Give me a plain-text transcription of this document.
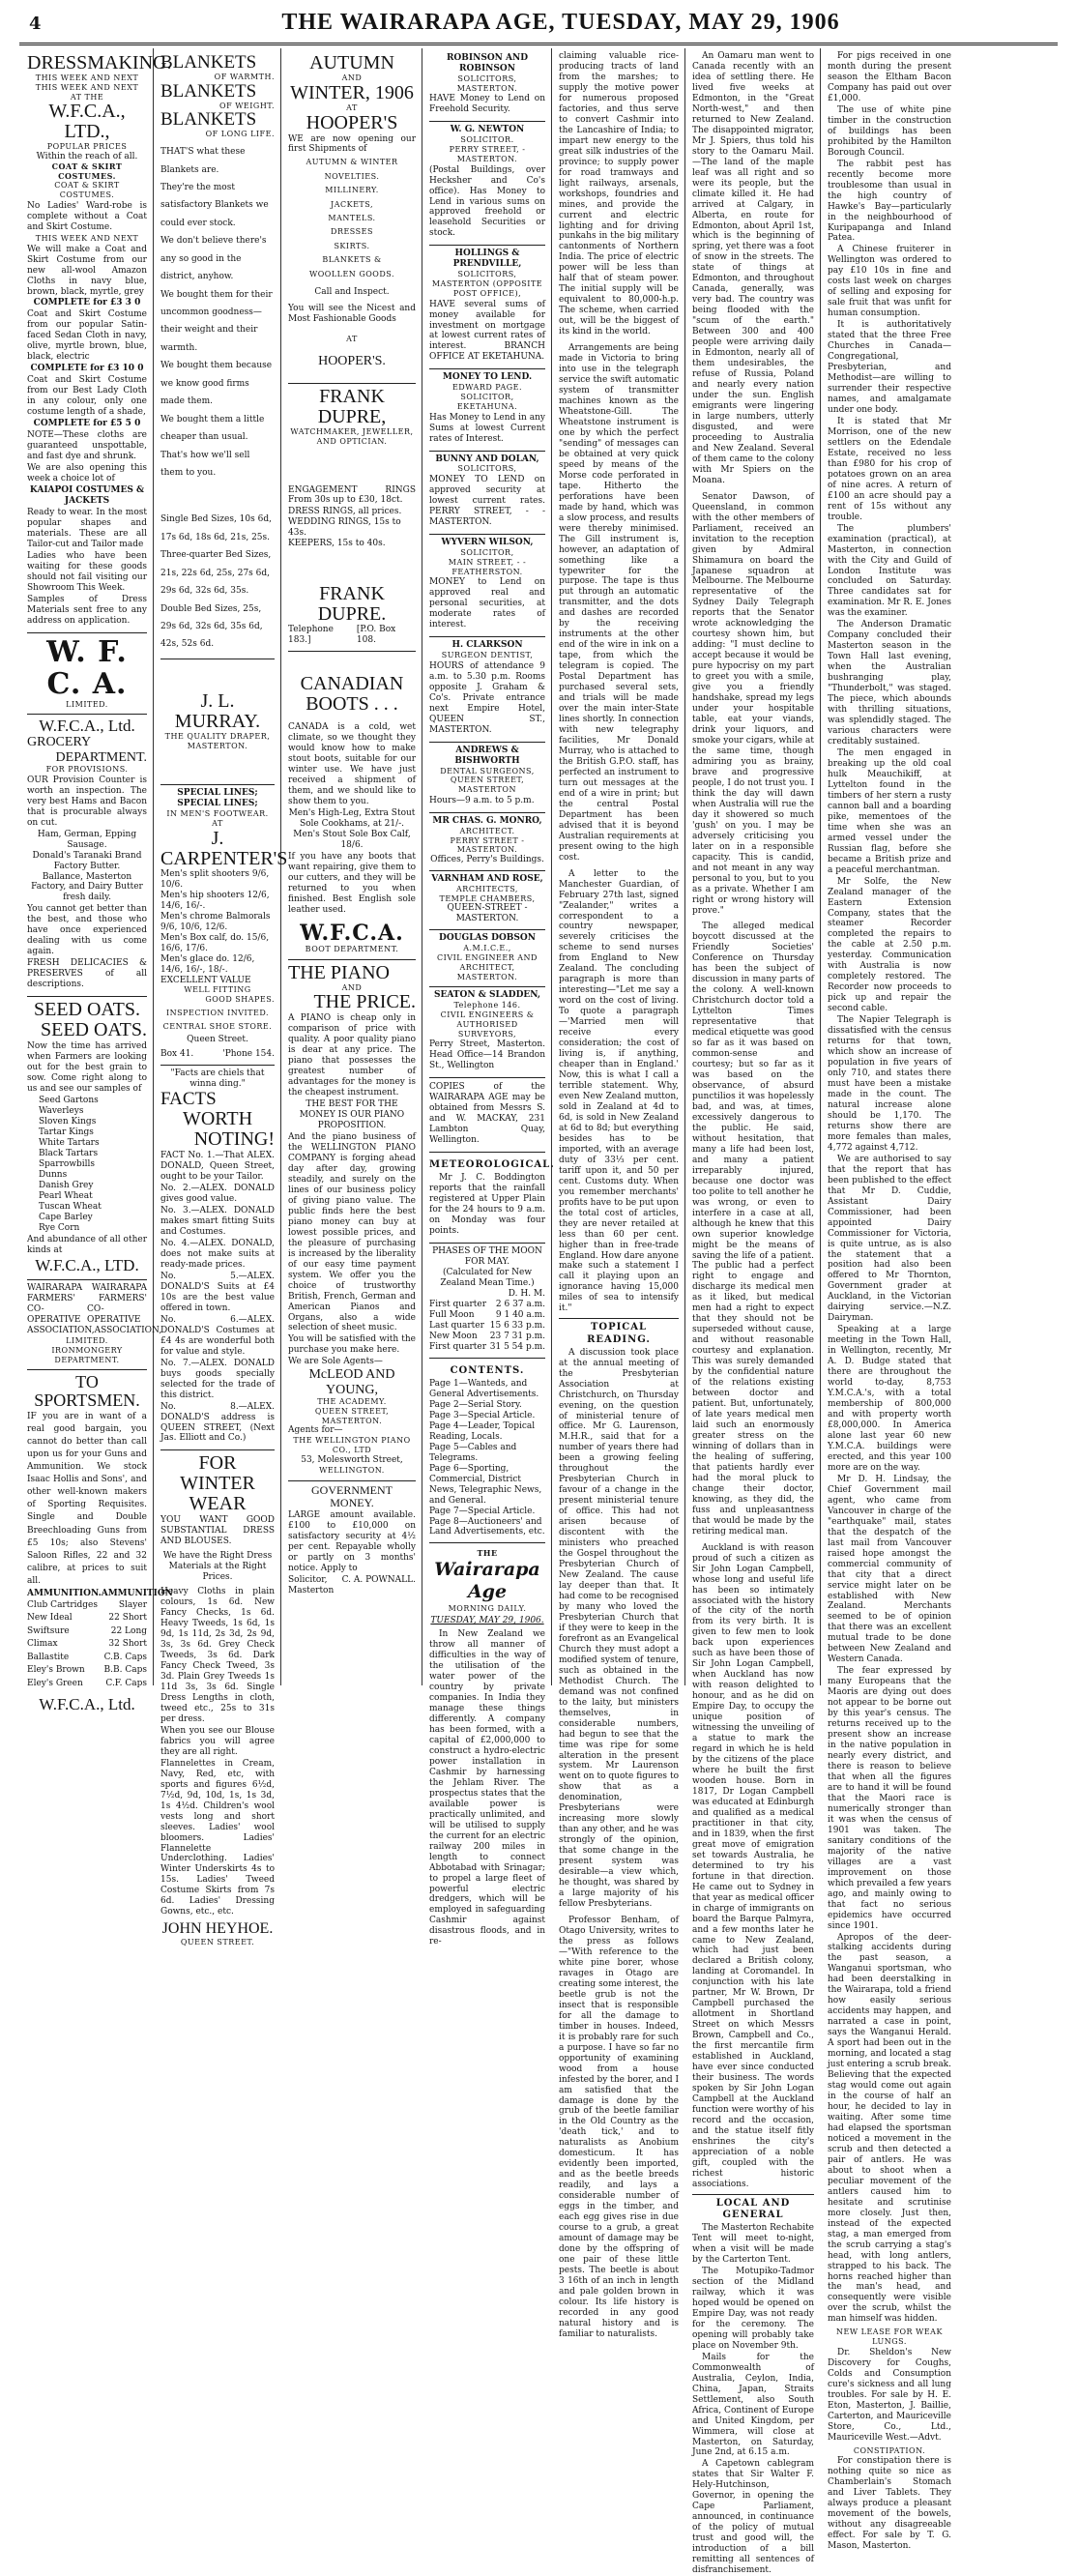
4	THE WAIRARAPA AGE, TUESDAY, MAY 29, 1906
DRESSMAKING.
THIS WEEK AND NEXT
THIS WEEK AND NEXT
AT THE
W.F.C.A., LTD.,
POPULAR PRICES
Within the reach of all.
COAT & SKIRT COSTUMES.
COAT & SKIRT COSTUMES.
No Ladies' Ward-robe is complete without a Coat and Skirt Costume.
THIS WEEK AND NEXT
We will make a Coat and Skirt Costume from our new all-wool Amazon Cloths in navy blue, brown, black, myrtle, grey
COMPLETE for £3 3 0
Coat and Skirt Costume from our popular Satin-faced Sedan Cloth in navy, olive, myrtle brown, blue, black, electric
COMPLETE for £3 10 0
Coat and Skirt Costume from our Best Lady Cloth in any colour, only one costume length of a shade,
COMPLETE for £5 5 0
NOTE—These cloths are guaranteed unspottable, and fast dye and shrunk.
We are also opening this week a choice lot of
KAIAPOI COSTUMES & JACKETS
Ready to wear. In the most popular shapes and materials. These are all Tailor-cut and Tailor made
Ladies who have been waiting for these goods should not fail visiting our Showroom This Week.
Samples of Dress Materials sent free to any address on application.
W. F. C. A.
LIMITED.
W.F.C.A., Ltd.
GROCERY
DEPARTMENT.
FOR PROVISIONS.
OUR Provision Counter is worth an inspection. The very best Hams and Bacon that is procurable always on cut.
Ham, German, Epping Sausage.
Donald's Taranaki Brand Factory Butter.
Ballance, Masterton Factory, and Dairy Butter fresh daily.
You cannot get better than the best, and those who have once experienced dealing with us come again.
FRESH DELICACIES & PRESERVES of all descriptions.
SEED OATS.
SEED OATS.
Now the time has arrived when Farmers are looking out for the best grain to sow. Come right along to us and see our samples of
Seed Gartons
Waverleys
Sloven Kings
Tartar Kings
White Tartars
Black Tartars
Sparrowbills
Dunns
Danish Grey
Pearl Wheat
Tuscan Wheat
Cape Barley
Rye Corn
And abundance of all other kinds at
W.F.C.A., LTD.
WAIRARAPA WAIRARAPA
FARMERS'	FARMERS'
CO-OPERATIVE
CO-OPERATIVE
ASSOCIATION, ASSOCIATION,
LIMITED.
IRONMONGERY DEPARTMENT.
TO SPORTSMEN.
IF you are in want of a real good bargain, you cannot do better than call upon us for your Guns and Ammunition. We stock Isaac Hollis and Sons', and other well-known makers of Sporting Requisites. Single and Double Breechloading Guns from £5 10s; also Stevens' Saloon Rifles, 22 and 32 calibre, at prices to suit all.
AMMUNITION. AMMUNITION
Club Cartridges Slayer
New Ideal	22 Short
Swiftsure	22 Long
Climax	32 Short
Ballastite	C.B. Caps
Eley's Brown B.B. Caps
Eley's Green	C.F. Caps
W.F.C.A., Ltd.
BLANKETS
OF WARMTH.
BLANKETS
OF WEIGHT.
BLANKETS
OF LONG LIFE.
THAT'S what these Blankets are.
They're the most satisfactory Blankets we could ever stock.
We don't believe there's any so good in the district, anyhow.
We bought them for their uncommon goodness—their weight and their warmth.
We bought them because we know good firms made them.
We bought them a little cheaper than usual.
That's how we'll sell them to you.
Single Bed Sizes, 10s 6d, 17s 6d, 18s 6d, 21s, 25s.
Three-quarter Bed Sizes, 21s, 22s 6d, 25s, 27s 6d, 29s 6d, 32s 6d, 35s.
Double Bed Sizes, 25s, 29s 6d, 32s 6d, 35s 6d, 42s, 52s 6d.
J. L. MURRAY.
THE QUALITY DRAPER,
MASTERTON.
SPECIAL LINES;
SPECIAL LINES;
IN MEN'S FOOTWEAR.
AT
J. CARPENTER'S
Men's split shooters 9/6, 10/6.
Men's hip shooters 12/6, 14/6, 16/-.
Men's chrome Balmorals 9/6, 10/6, 12/6.
Men's Box calf, do. 15/6, 16/6, 17/6.
Men's glace do. 12/6, 14/6, 16/-, 18/-.
EXCELLENT VALUE
WELL FITTING
GOOD SHAPES.
INSPECTION INVITED.
CENTRAL SHOE STORE.
Queen Street.
Box 41.	'Phone 154.
"Facts are chiels that winna ding."
FACTS
WORTH
NOTING!
FACT No. 1.—That ALEX. DONALD, Queen Street, ought to be your Tailor.
No. 2.—ALEX. DONALD gives good value.
No. 3.—ALEX. DONALD makes smart fitting Suits and Costumes.
No. 4.—ALEX. DONALD, does not make suits at ready-made prices.
No. 5.—ALEX. DONALD'S Suits at £4 10s are the best value offered in town.
No. 6.—ALEX. DONALD'S Costumes at £4 4s are wonderful both for value and style.
No. 7.—ALEX. DONALD buys goods specially selected for the trade of this district.
No. 8.—ALEX. DONALD'S address is QUEEN STREET, (Next Jas. Elliott and Co.)
FOR
WINTER
WEAR
YOU WANT GOOD SUBSTANTIAL DRESS AND BLOUSES.
We have the Right Dress Materials at the Right Prices.
Heavy Cloths in plain colours, 1s 6d. New Fancy Checks, 1s 6d. Heavy Tweeds, 1s 6d, 1s 9d, 1s 11d, 2s 3d, 2s 9d, 3s, 3s 6d. Grey Check Tweeds, 3s 6d. Dark Fancy Check Tweed, 3s 3d. Plain Grey Tweeds 1s 11d 3s, 3s 6d. Single Dress Lengths in cloth, tweed etc., 25s to 31s per dress.
When you see our Blouse fabrics you will agree they are all right.
Flannelettes in Cream, Navy, Red, etc, with sports and figures 6½d, 7½d, 9d, 10d, 1s, 1s 3d, 1s 4½d. Children's wool vests long and short sleeves. Ladies' wool bloomers. Ladies' Flannelette Underclothing. Ladies' Winter Underskirts 4s to 15s. Ladies' Tweed Costume Skirts from 7s 6d. Ladies' Dressing Gowns, etc., etc.
JOHN HEYHOE.
QUEEN STREET.
AUTUMN
AND
WINTER, 1906
AT
HOOPER'S
WE are now opening our first Shipments of
AUTUMN & WINTER
NOVELTIES.
MILLINERY.
JACKETS,
MANTELS.
DRESSES
SKIRTS.
BLANKETS &
WOOLLEN GOODS.
Call and Inspect.
You will see the Nicest and Most Fashionable Goods
AT
HOOPER'S.
FRANK DUPRE,
WATCHMAKER, JEWELLER, AND OPTICIAN.
ENGAGEMENT RINGS From 30s up to £30, 18ct.
DRESS RINGS, all prices.
WEDDING RINGS, 15s to 43s.
KEEPERS, 15s to 40s.
FRANK DUPRE.
Telephone 183.]
[P.O. Box 108.
CANADIAN
BOOTS . . .
CANADA is a cold, wet climate, so we thought they would know how to make stout boots, suitable for our winter use. We have just received a shipment of them, and we should like to show them to you.
Men's High-Leg, Extra Stout Sole Cookhams, at 21/-.
Men's Stout Sole Box Calf, 18/6.
If you have any boots that want repairing, give them to our cutters, and they will be returned to you when finished. Best English sole leather used.
W.F.C.A.
BOOT DEPARTMENT.
THE PIANO
AND
THE PRICE.
A PIANO is cheap only in comparison of price with quality. A poor quality piano is dear at any price. The piano that possesses the greatest number of advantages for the money is the cheapest instrument.
THE BEST FOR THE MONEY IS OUR PIANO PROPOSITION.
And the piano business of the WELLINGTON PIANO COMPANY is forging ahead day after day, growing steadily, and surely on the lines of our business policy of giving piano value. The public finds here the best piano money can buy at lowest possible prices, and the pleasure of purchasing is increased by the liberality of our easy time payment system. We offer you the choice of trustworthy British, French, German and American Pianos and Organs, also a wide selection of sheet music.
You will be satisfied with the purchase you make here.
We are Sole Agents—
McLEOD AND YOUNG,
THE ACADEMY.
QUEEN STREET, MASTERTON.
Agents for—
THE WELLINGTON PIANO CO., LTD
53, Molesworth Street,
WELLINGTON.
GOVERNMENT MONEY.
LARGE amount available. £100 to £10,000 on satisfactory security at 4½ per cent. Repayable wholly or partly on 3 months' notice. Apply to
Solicitor, C. A. POWNALL.
Masterton
ROBINSON AND ROBINSON
SOLICITORS,
MASTERTON.
HAVE Money to Lend on Freehold Security.
W. G. NEWTON
SOLICITOR.
PERRY STREET, - MASTERTON.
(Postal Buildings, over Hecksher and Co's office). Has Money to Lend in various sums on approved freehold or leasehold Securities or stock.
HOLLINGS & PRENDVILLE,
SOLICITORS,
MASTERTON (OPPOSITE POST OFFICE),
HAVE several sums of money available for investment on mortgage at lowest current rates of interest. BRANCH OFFICE AT EKETAHUNA.
MONEY TO LEND.
EDWARD PAGE.
SOLICITOR, EKETAHUNA.
Has Money to Lend in any Sums at lowest Current rates of Interest.
BUNNY AND DOLAN,
SOLICITORS,
MONEY TO LEND on approved security at lowest current rates. PERRY STREET, - - MASTERTON.
WYVERN WILSON,
SOLICITOR,
MAIN STREET, - - FEATHERSTON.
MONEY to Lend on approved real and personal securities, at moderate rates of interest.
H. CLARKSON
SURGEON DENTIST,
HOURS of attendance 9 a.m. to 5.30 p.m. Rooms opposite J. Graham & Co's. Private entrance next Empire Hotel, QUEEN ST., MASTERTON.
ANDREWS & BISHWORTH
DENTAL SURGEONS,
QUEEN STREET, MASTERTON
Hours—9 a.m. to 5 p.m.
MR CHAS. G. MONRO,
ARCHITECT.
PERRY STREET - MASTERTON.
Offices, Perry's Buildings.
VARNHAM AND ROSE,
ARCHITECTS,
TEMPLE CHAMBERS,
QUEEN-STREET - MASTERTON.
DOUGLAS DOBSON
A.M.I.C.E.,
CIVIL ENGINEER AND ARCHITECT,
MASTERTON.
SEATON & SLADDEN,
Telephone 146.
CIVIL ENGINEERS & AUTHORISED SURVEYORS,
Perry Street, Masterton. Head Office—14 Brandon St., Wellington
COPIES of the WAIRARAPA AGE may be obtained from Messrs S. and W. MACKAY, 231 Lambton Quay, Wellington.
METEOROLOGICAL.
Mr J. C. Boddington reports that the rainfall registered at Upper Plain for the 24 hours to 9 a.m. on Monday was four points.
PHASES OF THE MOON FOR MAY.
(Calculated for New Zealand Mean Time.)
D. H. M.
First quarter 2 6 37 a.m.
Full Moon 9 1 40 a.m.
Last quarter 15 6 33 p.m.
New Moon 23 7 31 p.m.
First quarter 31 5 54 p.m.
CONTENTS.
Page 1—Wanteds, and General Advertisements.
Page 2—Serial Story.
Page 3—Special Article.
Page 4—Leader, Topical Reading, Locals.
Page 5—Cables and Telegrams.
Page 6—Sporting, Commercial, District News, Telegraphic News, and General.
Page 7—Special Article.
Page 8—Auctioneers' and Land Advertisements, etc.
THE
Wairarapa Age
MORNING DAILY.
TUESDAY, MAY 29, 1906.
In New Zealand we throw all manner of difficulties in the way of the utilisation of the water power of the country by private companies. In India they manage these things differently. A company has been formed, with a capital of £2,000,000 to construct a hydro-electric power installation in Cashmir by harnessing the Jehlam River. The prospectus states that the available power is practically unlimited, and will be utilised to supply the current for an electric railway 200 miles in length to connect Abbotabad with Srinagar; to propel a large fleet of powerful electric dredgers, which will be employed in safeguarding Cashmir against disastrous floods, and in re-
claiming valuable rice-producing tracts of land from the marshes; to supply the motive power for numerous proposed factories, and thus serve to convert Cashmir into the Lancashire of India; to impart new energy to the great silk industries of the province; to supply power for road tramways and light railways, arsenals, workshops, foundries and mines, and provide the current and electric lighting and for driving punkahs in the big military cantonments of Northern India. The price of electric power will be less than half that of steam power. The initial supply will be equivalent to 80,000-h.p. The scheme, when carried out, will be the biggest of its kind in the world.
Arrangements are being made in Victoria to bring into use in the telegraph service the swift automatic system of transmitter machines known as the Wheatstone-Gill. The Wheatstone instrument is one by which the perfect "sending" of messages can be obtained at very quick speed by means of the Morse code perforated in tape. Hitherto the perforations have been made by hand, which was a slow process, and results were thereby minimised. The Gill instrument is, however, an adaptation of something like a typewriter for the purpose. The tape is thus put through an automatic transmitter, and the dots and dashes are recorded by the receiving instruments at the other end of the wire in ink on a tape, from which the telegram is copied. The Postal Department has purchased several sets, and trials will be made over the main inter-State lines shortly. In connection with new telegraphy facilities, Mr Donald Murray, who is attached to the British G.P.O. staff, has perfected an instrument to turn out messages at the end of a wire in print; but the central Postal Department has been advised that it is beyond Australian requirements at present owing to the high cost.
A letter to the Manchester Guardian, of February 27th last, signed "Zealander," writes a correspondent to a country newspaper, severely criticises the scheme to send nurses from England to New Zealand. The concluding paragraph is more than interesting—"Let me say a word on the cost of living. To quote a paragraph—'Married men will receive every consideration; the cost of living is, if anything, cheaper than in England.' Now, this is what I call a terrible statement. Why, even New Zealand mutton, sold in Zealand at 4d to 6d, is sold in New Zealand at 6d to 8d; but everything besides has to be imported, with an average duty of 33⅓ per cent. tariff upon it, and 50 per cent. Customs duty. When you remember merchants' profits have to be put upon the total cost of articles, they are never retailed at less than 60 per cent. higher than in free-trade England. How dare anyone make such a statement I call it playing upon an ignorance having 15,000 miles of sea to intensify it."
TOPICAL READING.
A discussion took place at the annual meeting of the Presbyterian Association at Christchurch, on Thursday evening, on the question of ministerial tenure of office. Mr G. Laurenson, M.H.R., said that for a number of years there had been a growing feeling throughout the Presbyterian Church in favour of a change in the present ministerial tenure of office. This had not arisen because of discontent with the ministers who preached the Gospel throughout the Presbyterian Church of New Zealand. The cause lay deeper than that. It had come to be recognised by many who loved the Presbyterian Church that if they were to keep in the forefront as an Evangelical Church they must adopt a modified system of tenure, such as obtained in the Methodist Church. The demand was not confined to the laity, but ministers themselves, in considerable numbers, had begun to see that the time was ripe for some alteration in the present system. Mr Laurenson went on to quote figures to show that as a denomination, Presbyterians were increasing more slowly than any other, and he was strongly of the opinion, that some change in the present system was desirable—a view which, he thought, was shared by a large majority of his fellow Presbyterians.
Professor Benham, of Otago University, writes to the press as follows—"With reference to the white pine borer, whose ravages in Otago are creating some interest, the beetle grub is not the insect that is responsible for all the damage to timber in houses. Indeed, it is probably rare for such a purpose. I have so far no opportunity of examining wood from a house infested by the borer, and I am satisfied that the damage is done by the grub of the beetle familiar in the Old Country as the 'death tick,' and to naturalists as Anobium domesticum. It has evidently been imported, and as the beetle breeds readily, and lays a considerable number of eggs in the timber, and each egg gives rise in due course to a grub, a great amount of damage may be done by the offspring of one pair of these little pests. The beetle is about 3 16th of an inch in length and pale golden brown in colour. Its life history is recorded in any good natural history and is familiar to naturalists.
An Oamaru man went to Canada recently with an idea of settling there. He lived five weeks at Edmonton, in the "Great North-west," and then returned to New Zealand. The disappointed migrator, Mr J. Spiers, thus told his story to the Oamaru Mail.—The land of the maple leaf was all right and so were its people, but the climate killed it. He had arrived at Calgary, in Alberta, en route for Edmonton, about April 1st, which is the beginning of spring, yet there was a foot of snow in the streets. The state of things at Edmonton, and throughout Canada, generally, was very bad. The country was being flooded with the "scum of the earth." Between 300 and 400 people were arriving daily in Edmonton, nearly all of them undesirables, the refuse of Russia, Poland and nearly every nation under the sun. English emigrants were lingering in large numbers, utterly disgusted, and were proceeding to Australia and New Zealand. Several of them came to the colony with Mr Spiers on the Moana.
Senator Dawson, of Queensland, in common with the other members of Parliament, received an invitation to the reception given by Admiral Shimamura on board the Japanese squadron at Melbourne. The Melbourne representative of the Sydney Daily Telegraph reports that the Senator wrote acknowledging the courtesy shown him, but adding: "I must decline to accept because it would be pure hypocrisy on my part to greet you with a smile, give you a friendly handshake, spread my legs under your hospitable table, eat your viands, drink your liquors, and smoke your cigars, while at the same time, though admiring you as brainy, brave and progressive people, I do not trust you. I think the day will dawn when Australia will rue the day it showered so much 'gush' on you. I may be adversely criticising you later on in a responsible capacity. This is candid, and not meant in any way personal to you, but to you as a private. Whether I am right or wrong history will prove."
The alleged medical boycott discussed at the Friendly Societies' Conference on Thursday has been the subject of discussion in many parts of the colony. A well-known Christchurch doctor told a Lyttelton Times representative that medical etiquette was good so far as it was based on common-sense and courtesy; but so far as it was based on the observance, of absurd punctilios it was hopelessly bad, and was, at times, excessively dangerous to the public. He said, without hesitation, that many a life had been lost, and many a patient irreparably injured, because one doctor was too polite to tell another he was wrong, or even to interfere in a case at all, although he knew that this own superior knowledge might be the means of saving the life of a patient. The public had a perfect right to engage and discharge its medical men as it liked, but medical men had a right to expect that they should not be superseded without cause, and without reasonable courtesy and explanation. This was surely demanded by the confidential nature of the relations existing between doctor and patient. But, unfortunately, of late years medical men laid such an enormously greater stress on the winning of dollars than in the healing of suffering, that patients hardly ever had the moral pluck to change their doctor, knowing, as they did, the fuss and unpleasantness that would be made by the retiring medical man.
Auckland is with reason proud of such a citizen as Sir John Logan Campbell, whose long and useful life has been so intimately associated with the history of the city of the north from its very birth. It is given to few men to look back upon experiences such as have been those of Sir John Logan Campbell, when Auckland has now with reason delighted to honour, and as he did on Empire Day, to occupy the unique position of witnessing the unveiling of a statue to mark the regard in which he is held by the citizens of the place where he built the first wooden house. Born in 1817, Dr Logan Campbell was educated at Edinburgh and qualified as a medical practitioner in that city, and in 1839, when the first great move of emigration set towards Australia, he determined to try his fortune in that direction. He came out to Sydney in that year as medical officer in charge of immigrants on board the Barque Palmyra, and a few months later he came to New Zealand, which had just been declared a British colony, landing at Coromandel. In conjunction with his late partner, Mr W. Brown, Dr Campbell purchased the allotment in Shortland Street on which Messrs Brown, Campbell and Co., the first mercantile firm established in Auckland, have ever since conducted their business. The words spoken by Sir John Logan Campbell at the Auckland function were worthy of his record and the occasion, and the statue itself fitly enshrines the city's appreciation of a noble gift, coupled with the richest historic associations.
LOCAL AND GENERAL
The Masterton Rechabite Tent will meet to-night, when a visit will be made by the Carterton Tent.
The Motupiko-Tadmor section of the Midland railway, which it was hoped would be opened on Empire Day, was not ready for the ceremony. The opening will probably take place on November 9th.
Mails for the Commonwealth of Australia, Ceylon, India, China, Japan, Straits Settlement, also South Africa, Continent of Europe and United Kingdom, per Wimmera, will close at Masterton, on Saturday, June 2nd, at 6.15 a.m.
A Capetown cablegram states that Sir Walter F. Hely-Hutchinson, Governor, in opening the Cape Parliament, announced, in continuance of the policy of mutual trust and good will, the introduction of a bill remitting all sentences of disfranchisement.
For pigs received in one month during the present season the Eltham Bacon Company has paid out over £1,000.
The use of white pine timber in the construction of buildings has been prohibited by the Hamilton Borough Council.
The rabbit pest has recently become more troublesome than usual in the high country of Hawke's Bay—particularly in the neighbourhood of Kuripapanga and Inland Patea.
A Chinese fruiterer in Wellington was ordered to pay £10 10s in fine and costs last week on charges of selling and exposing for sale fruit that was unfit for human consumption.
It is authoritatively stated that the three Free Churches in Canada—Congregational, Presbyterian, and Methodist—are willing to surrender their respective names, and amalgamate under one body.
It is stated that Mr Morrison, one of the new settlers on the Edendale Estate, received no less than £980 for his crop of potatoes grown on an area of nine acres. A return of £100 an acre should pay a rent of 15s without any trouble.
The plumbers' examination (practical), at Masterton, in connection with the City and Guild of London Institute was concluded on Saturday. Three candidates sat for examination. Mr R. E. Jones was the examiner.
The Anderson Dramatic Company concluded their Masterton season in the Town Hall last evening, when the Australian bushranging play, "Thunderbolt," was staged. The piece, which abounds with thrilling situations, was splendidly staged. The various characters were creditably sustained.
The men engaged in breaking up the old coal hulk Meauchikiff, at Lyttelton found in the timbers of her stern a rusty cannon ball and a boarding pike, mementoes of the time when she was an armed vessel under the Russian flag, before she became a British prize and a peaceful merchantman.
Mr Solfe, the New Zealand manager of the Eastern Extension Company, states that the steamer Recorder completed the repairs to the cable at 2.50 p.m. yesterday. Communication with Australia is now completely restored. The Recorder now proceeds to pick up and repair the second cable.
The Napier Telegraph is dissatisfied with the census returns for that town, which show an increase of population in five years of only 710, and states there must have been a mistake made in the count. The natural increase alone should be 1,170. The returns show there are more females than males, 4,772 against 4,712.
We are authorised to say that the report that has been published to the effect that Mr D. Cuddie, Assistant Dairy Commissioner, had been appointed Dairy Commissioner for Victoria, is quite untrue, as is also the statement that a position had also been offered to Mr Thornton, Government grader at Auckland, in the Victorian dairying service.—N.Z. Dairyman.
Speaking at a large meeting in the Town Hall, in Wellington, recently, Mr A. D. Budge stated that there are throughout the world to-day, 8,753 Y.M.C.A.'s, with a total membership of 800,000 and with property worth £8,000,000. In America alone last year 60 new Y.M.C.A. buildings were erected, and this year 100 more are on the way.
Mr D. H. Lindsay, the Chief Government mail agent, who came from Vancouver in charge of the "earthquake" mail, states that the despatch of the last mail from Vancouver raised hope amongst the commercial community of that city that a direct service might later on be established with New Zealand. Merchants seemed to be of opinion that there was an excellent mutual trade to be done between New Zealand and Western Canada.
The fear expressed by many Europeans that the Maoris are dying out does not appear to be borne out by this year's census. The returns received up to the present show an increase in the native population in nearly every district, and there is reason to believe that when all the figures are to hand it will be found that the Maori race is numerically stronger than it was when the census of 1901 was taken. The sanitary conditions of the majority of the native villages are a vast improvement on those which prevailed a few years ago, and mainly owing to that fact no serious epidemics have occurred since 1901.
Apropos of the deer-stalking accidents during the past season, a Wanganui sportsman, who had been deerstalking in the Wairarapa, told a friend how easily serious accidents may happen, and narrated a case in point, says the Wanganui Herald. A sport had been out in the morning, and located a stag just entering a scrub break. Believing that the expected stag would come out again in the course of half an hour, he decided to lay in waiting. After some time had elapsed the sportsman noticed a movement in the scrub and then detected a pair of antlers. He was about to shoot when a peculiar movement of the antlers caused him to hesitate and scrutinise more closely. Just then, instead of the expected stag, a man emerged from the scrub carrying a stag's head, with long antlers, strapped to his back. The horns reached higher than the man's head, and consequently were visible over the scrub, whilst the man himself was hidden.
NEW LEASE FOR WEAK LUNGS.
Dr. Sheldon's New Discovery for Coughs, Colds and Consumption cure's sickness and all lung troubles. For sale by H. E. Eton, Masterton, J. Baillie, Carterton, and Mauriceville Store, Co., Ltd., Mauriceville West.—Advt.
CONSTIPATION.
For constipation there is nothing quite so nice as Chamberlain's Stomach and Liver Tablets. They always produce a pleasant movement of the bowels, without any disagreeable effect. For sale by T. G. Mason, Masterton.
